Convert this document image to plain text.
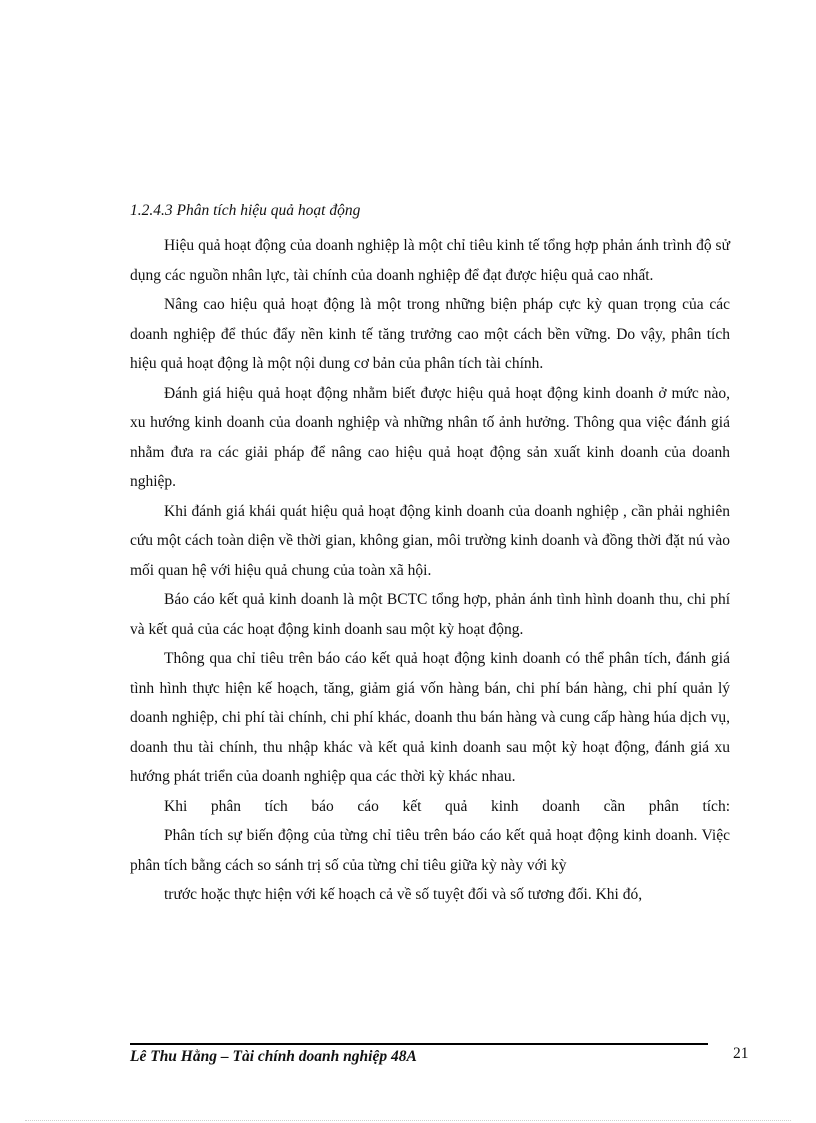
1.2.4.3 Phân tích hiệu quả hoạt động

Hiệu quả hoạt động của doanh nghiệp là một chỉ tiêu kinh tế tổng hợp phản ánh trình độ sử dụng các nguồn nhân lực, tài chính của doanh nghiệp để đạt được hiệu quả cao nhất.

Nâng cao hiệu quả hoạt động là một trong những biện pháp cực kỳ quan trọng của các doanh nghiệp để thúc đẩy nền kinh tế tăng trưởng cao một cách bền vững. Do vậy, phân tích hiệu quả hoạt động là một nội dung cơ bản của phân tích tài chính.

Đánh giá hiệu quả hoạt động nhằm biết được hiệu quả hoạt động kinh doanh ở mức nào, xu hướng kinh doanh của doanh nghiệp và những nhân tố ảnh hưởng. Thông qua việc đánh giá nhằm đưa ra các giải pháp để nâng cao hiệu quả hoạt động sản xuất kinh doanh của doanh nghiệp.

Khi đánh giá khái quát hiệu quả hoạt động kinh doanh của doanh nghiệp , cần phải nghiên cứu một cách toàn diện về thời gian, không gian, môi trường kinh doanh và đồng thời đặt nú vào mối quan hệ với hiệu quả chung của toàn xã hội.

Báo cáo kết quả kinh doanh là một BCTC tổng hợp, phản ánh tình hình doanh thu, chi phí và kết quả của các hoạt động kinh doanh sau một kỳ hoạt động.

Thông qua chỉ tiêu trên báo cáo kết quả hoạt động kinh doanh có thể phân tích, đánh giá tình hình thực hiện kế hoạch, tăng, giảm giá vốn hàng bán, chi phí bán hàng, chi phí quản lý doanh nghiệp, chi phí tài chính, chi phí khác, doanh thu bán hàng và cung cấp hàng húa dịch vụ, doanh thu tài chính, thu nhập khác và kết quả kinh doanh sau một kỳ hoạt động, đánh giá xu hướng phát triển của doanh nghiệp qua các thời kỳ khác nhau.

Khi phân tích báo cáo kết quả kinh doanh cần phân tích:

Phân tích sự biến động của từng chỉ tiêu trên báo cáo kết quả hoạt động kinh doanh. Việc phân tích bằng cách so sánh trị số của từng chỉ tiêu giữa kỳ này với kỳ

trước hoặc thực hiện với kế hoạch cả về số tuyệt đối và số tương đối. Khi đó,

Lê Thu Hằng – Tài chính doanh nghiệp 48A	21
